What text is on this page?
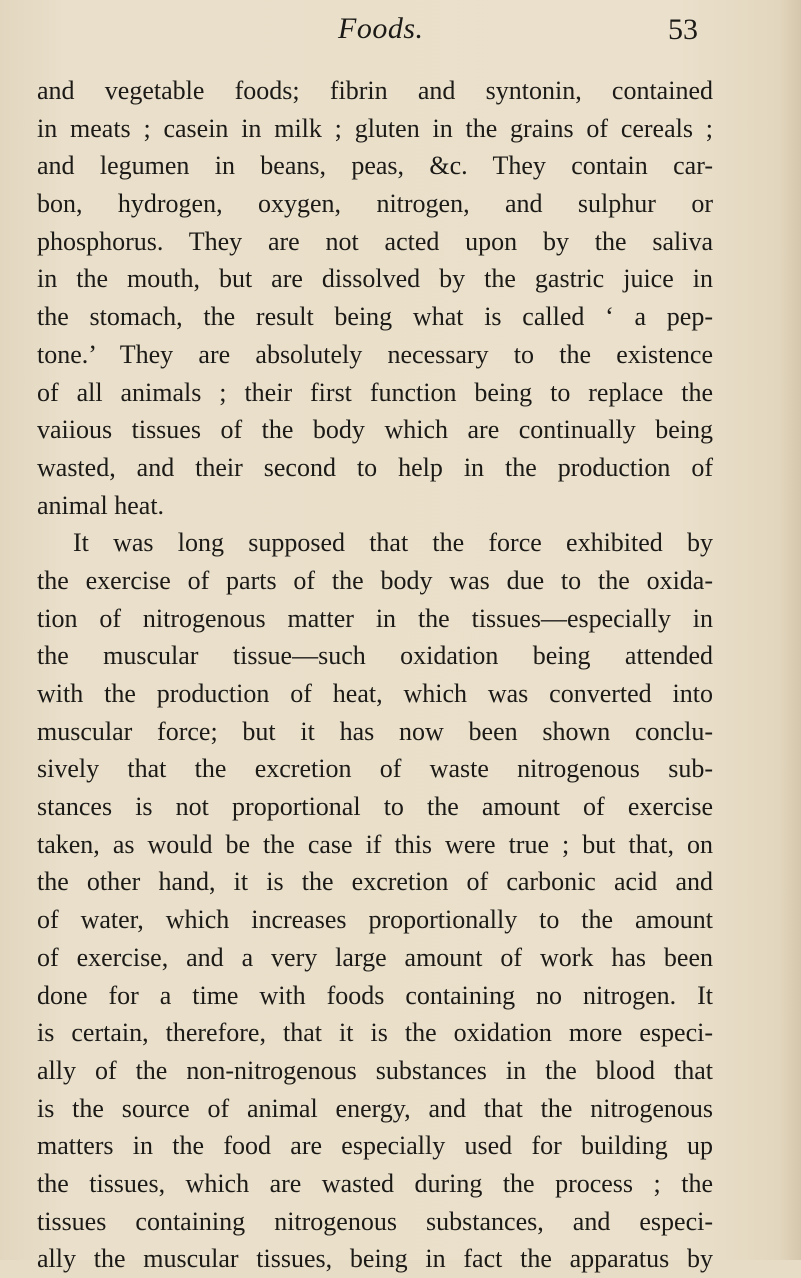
Foods.	53
and vegetable foods; fibrin and syntonin, contained
in meats ; casein in milk ; gluten in the grains of cereals ;
and legumen in beans, peas, &c. They contain car-
bon, hydrogen, oxygen, nitrogen, and sulphur or
phosphorus. They are not acted upon by the saliva
in the mouth, but are dissolved by the gastric juice in
the stomach, the result being what is called ‘ a pep-
tone.’ They are absolutely necessary to the existence
of all animals ; their first function being to replace the
vaiious tissues of the body which are continually being
wasted, and their second to help in the production of
animal heat.
It was long supposed that the force exhibited by
the exercise of parts of the body was due to the oxida-
tion of nitrogenous matter in the tissues—especially in
the muscular tissue—such oxidation being attended
with the production of heat, which was converted into
muscular force; but it has now been shown conclu-
sively that the excretion of waste nitrogenous sub-
stances is not proportional to the amount of exercise
taken, as would be the case if this were true ; but that, on
the other hand, it is the excretion of carbonic acid and
of water, which increases proportionally to the amount
of exercise, and a very large amount of work has been
done for a time with foods containing no nitrogen. It
is certain, therefore, that it is the oxidation more especi-
ally of the non-nitrogenous substances in the blood that
is the source of animal energy, and that the nitrogenous
matters in the food are especially used for building up
the tissues, which are wasted during the process ; the
tissues containing nitrogenous substances, and especi-
ally the muscular tissues, being in fact the apparatus by
